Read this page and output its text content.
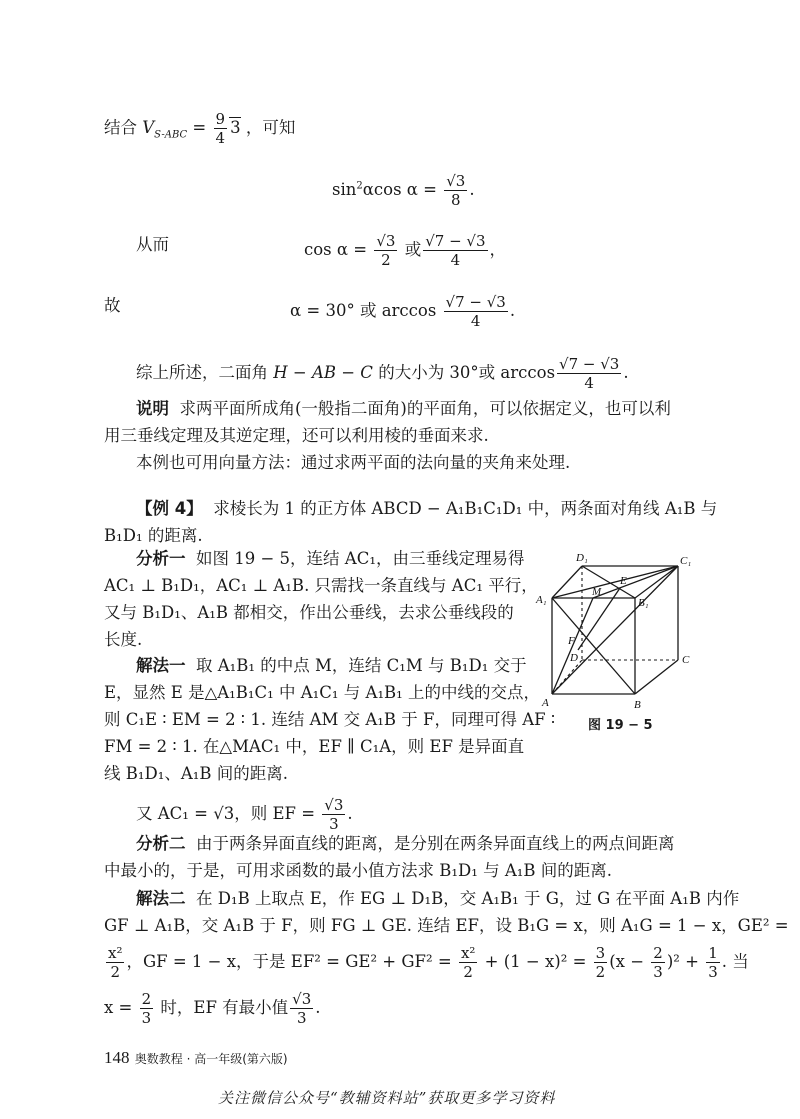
结合 $V_{S-ABC} = \frac{9}{4} 3$ ，可知
$\sin^2\alpha\cos$ $\alpha = \frac{√3}{8}$ .
从而	$\cos \alpha = \frac{√3}{2}$ 或 $\frac{√7 - √3}{4}$ ，
故	α = 30° 或 $\arccos \frac{√7 - √3}{4}$ .
综上所述，二面角 H − AB − C 的大小为 30°或 $\arccos \frac{√7 - √3}{4}$ .
说明 求两平面所成角(一般指二面角)的平面角，可以依据定义，也可以利
用三垂线定理及其逆定理，还可以利用棱的垂面来求.
本例也可用向量方法：通过求两平面的法向量的夹角来处理.
【例 4】 求棱长为 1 的正方体 ABCD − A₁B₁C₁D₁ 中，两条面对角线 A₁B 与
B₁D₁ 的距离.
分析一 如图 19 − 5，连结 AC₁，由三垂线定理易得
AC₁ ⊥ B₁D₁，AC₁ ⊥ A₁B. 只需找一条直线与 AC₁ 平行，
又与 B₁D₁、A₁B 都相交，作出公垂线，去求公垂线段的
长度.
解法一 取 A₁B₁ 的中点 M，连结 C₁M 与 B₁D₁ 交于
E，显然 E 是△A₁B₁C₁ 中 A₁C₁ 与 A₁B₁ 上的中线的交点，
则 C₁E ∶ EM = 2 ∶ 1. 连结 AM 交 A₁B 于 F，同理可得 AF ∶
FM = 2 ∶ 1. 在△MAC₁ 中，EF ∥ C₁A，则 EF 是异面直
线 B₁D₁、A₁B 间的距离.
又 AC₁ = √3，则 EF = $\frac{√3}{3}$ .
分析二 由于两条异面直线的距离，是分别在两条异面直线上的两点间距离
中最小的，于是，可用求函数的最小值方法求 B₁D₁ 与 A₁B 间的距离.
解法二 在 D₁B 上取点 E，作 EG ⊥ D₁B，交 A₁B₁ 于 G，过 G 在平面 A₁B 内作
GF ⊥ A₁B，交 A₁B 于 F，则 FG ⊥ GE. 连结 EF，设 B₁G = x，则 A₁G = 1 − x，GE² =
$\frac{\text{x²}}{2}$ ，GF = 1 − x，于是 $EF^2 = GE^2 + GF^2 = \frac{\text{x²}}{2} + (1 - x)^2 = \frac{3}{2} (x - \frac{2}{3} )^2 + \frac{1}{3}$ . 当
$x = \frac{2}{3}$ 时，EF 有最小值 $\frac{√3}{3}$ .
D₁	C₁
E
M
A₁	B₁
F
D	C
A	B
图 19 − 5
148 奥数教程 · 高一年级(第六版)
关注微信公众号“教辅资料站”获取更多学习资料
